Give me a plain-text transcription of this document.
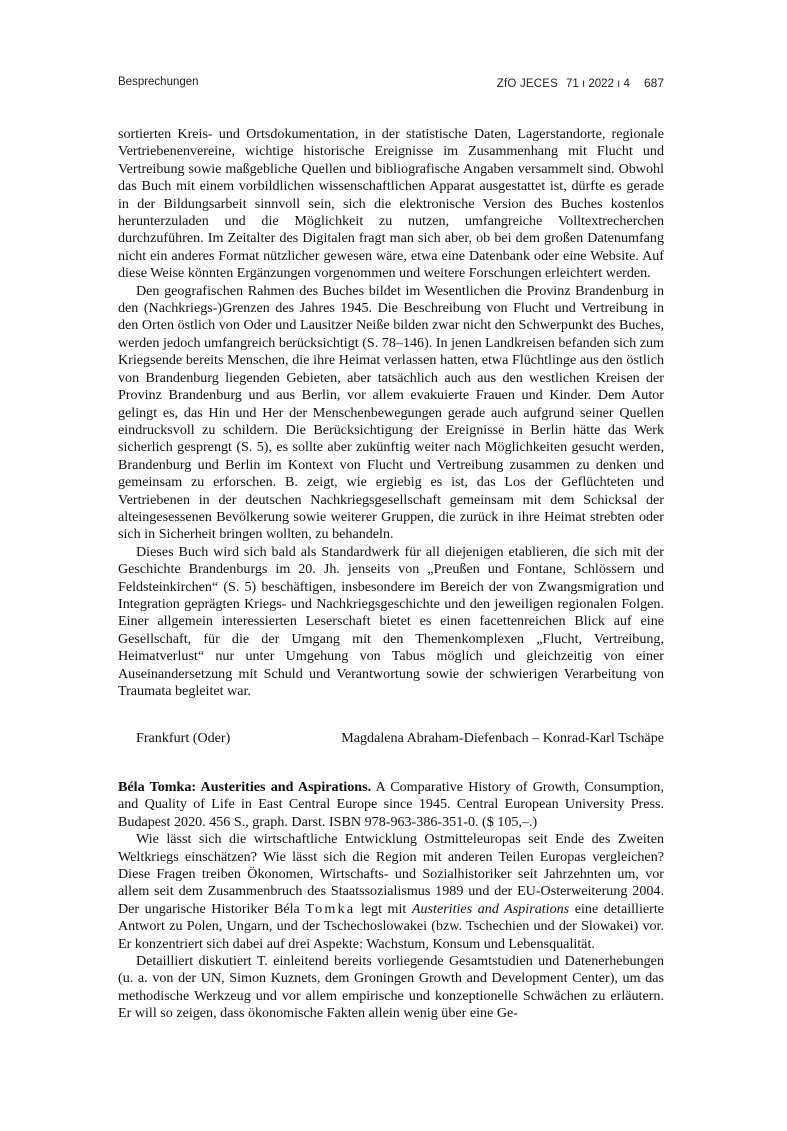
Besprechungen	ZfO JECES 71 ı 2022 ı 4 687

sortierten Kreis- und Ortsdokumentation, in der statistische Daten, Lagerstandorte, regionale Vertriebenenvereine, wichtige historische Ereignisse im Zusammenhang mit Flucht und Vertreibung sowie maßgebliche Quellen und bibliografische Angaben versammelt sind. Obwohl das Buch mit einem vorbildlichen wissenschaftlichen Apparat ausgestattet ist, dürfte es gerade in der Bildungsarbeit sinnvoll sein, sich die elektronische Version des Buches kostenlos herunterzuladen und die Möglichkeit zu nutzen, umfangreiche Volltextrecherchen durchzuführen. Im Zeitalter des Digitalen fragt man sich aber, ob bei dem großen Datenumfang nicht ein anderes Format nützlicher gewesen wäre, etwa eine Datenbank oder eine Website. Auf diese Weise könnten Ergänzungen vorgenommen und weitere Forschungen erleichtert werden.

Den geografischen Rahmen des Buches bildet im Wesentlichen die Provinz Brandenburg in den (Nachkriegs-)Grenzen des Jahres 1945. Die Beschreibung von Flucht und Vertreibung in den Orten östlich von Oder und Lausitzer Neiße bilden zwar nicht den Schwerpunkt des Buches, werden jedoch umfangreich berücksichtigt (S. 78–146). In jenen Landkreisen befanden sich zum Kriegsende bereits Menschen, die ihre Heimat verlassen hatten, etwa Flüchtlinge aus den östlich von Brandenburg liegenden Gebieten, aber tatsächlich auch aus den westlichen Kreisen der Provinz Brandenburg und aus Berlin, vor allem evakuierte Frauen und Kinder. Dem Autor gelingt es, das Hin und Her der Menschenbewegungen gerade auch aufgrund seiner Quellen eindrucksvoll zu schildern. Die Berücksichtigung der Ereignisse in Berlin hätte das Werk sicherlich gesprengt (S. 5), es sollte aber zukünftig weiter nach Möglichkeiten gesucht werden, Brandenburg und Berlin im Kontext von Flucht und Vertreibung zusammen zu denken und gemeinsam zu erforschen. B. zeigt, wie ergiebig es ist, das Los der Geflüchteten und Vertriebenen in der deutschen Nachkriegsgesellschaft gemeinsam mit dem Schicksal der alteingesessenen Bevölkerung sowie weiterer Gruppen, die zurück in ihre Heimat strebten oder sich in Sicherheit bringen wollten, zu behandeln.

Dieses Buch wird sich bald als Standardwerk für all diejenigen etablieren, die sich mit der Geschichte Brandenburgs im 20. Jh. jenseits von „Preußen und Fontane, Schlössern und Feldsteinkirchen“ (S. 5) beschäftigen, insbesondere im Bereich der von Zwangsmigration und Integration geprägten Kriegs- und Nachkriegsgeschichte und den jeweiligen regionalen Folgen. Einer allgemein interessierten Leserschaft bietet es einen facettenreichen Blick auf eine Gesellschaft, für die der Umgang mit den Themenkomplexen „Flucht, Vertreibung, Heimatverlust“ nur unter Umgehung von Tabus möglich und gleichzeitig von einer Auseinandersetzung mit Schuld und Verantwortung sowie der schwierigen Verarbeitung von Traumata begleitet war.

Frankfurt (Oder)	Magdalena Abraham-Diefenbach – Konrad-Karl Tschäpe

Béla Tomka: Austerities and Aspirations. A Comparative History of Growth, Consumption, and Quality of Life in East Central Europe since 1945. Central European University Press. Budapest 2020. 456 S., graph. Darst. ISBN 978-963-386-351-0. ($ 105,–.)

Wie lässt sich die wirtschaftliche Entwicklung Ostmitteleuropas seit Ende des Zweiten Weltkriegs einschätzen? Wie lässt sich die Region mit anderen Teilen Europas vergleichen? Diese Fragen treiben Ökonomen, Wirtschafts- und Sozialhistoriker seit Jahrzehnten um, vor allem seit dem Zusammenbruch des Staatssozialismus 1989 und der EU-Osterweiterung 2004. Der ungarische Historiker Béla Tomka legt mit Austerities and Aspirations eine detaillierte Antwort zu Polen, Ungarn, und der Tschechoslowakei (bzw. Tschechien und der Slowakei) vor. Er konzentriert sich dabei auf drei Aspekte: Wachstum, Konsum und Lebensqualität.

Detailliert diskutiert T. einleitend bereits vorliegende Gesamtstudien und Datenerhebungen (u. a. von der UN, Simon Kuznets, dem Groningen Growth and Development Center), um das methodische Werkzeug und vor allem empirische und konzeptionelle Schwächen zu erläutern. Er will so zeigen, dass ökonomische Fakten allein wenig über eine Ge-
